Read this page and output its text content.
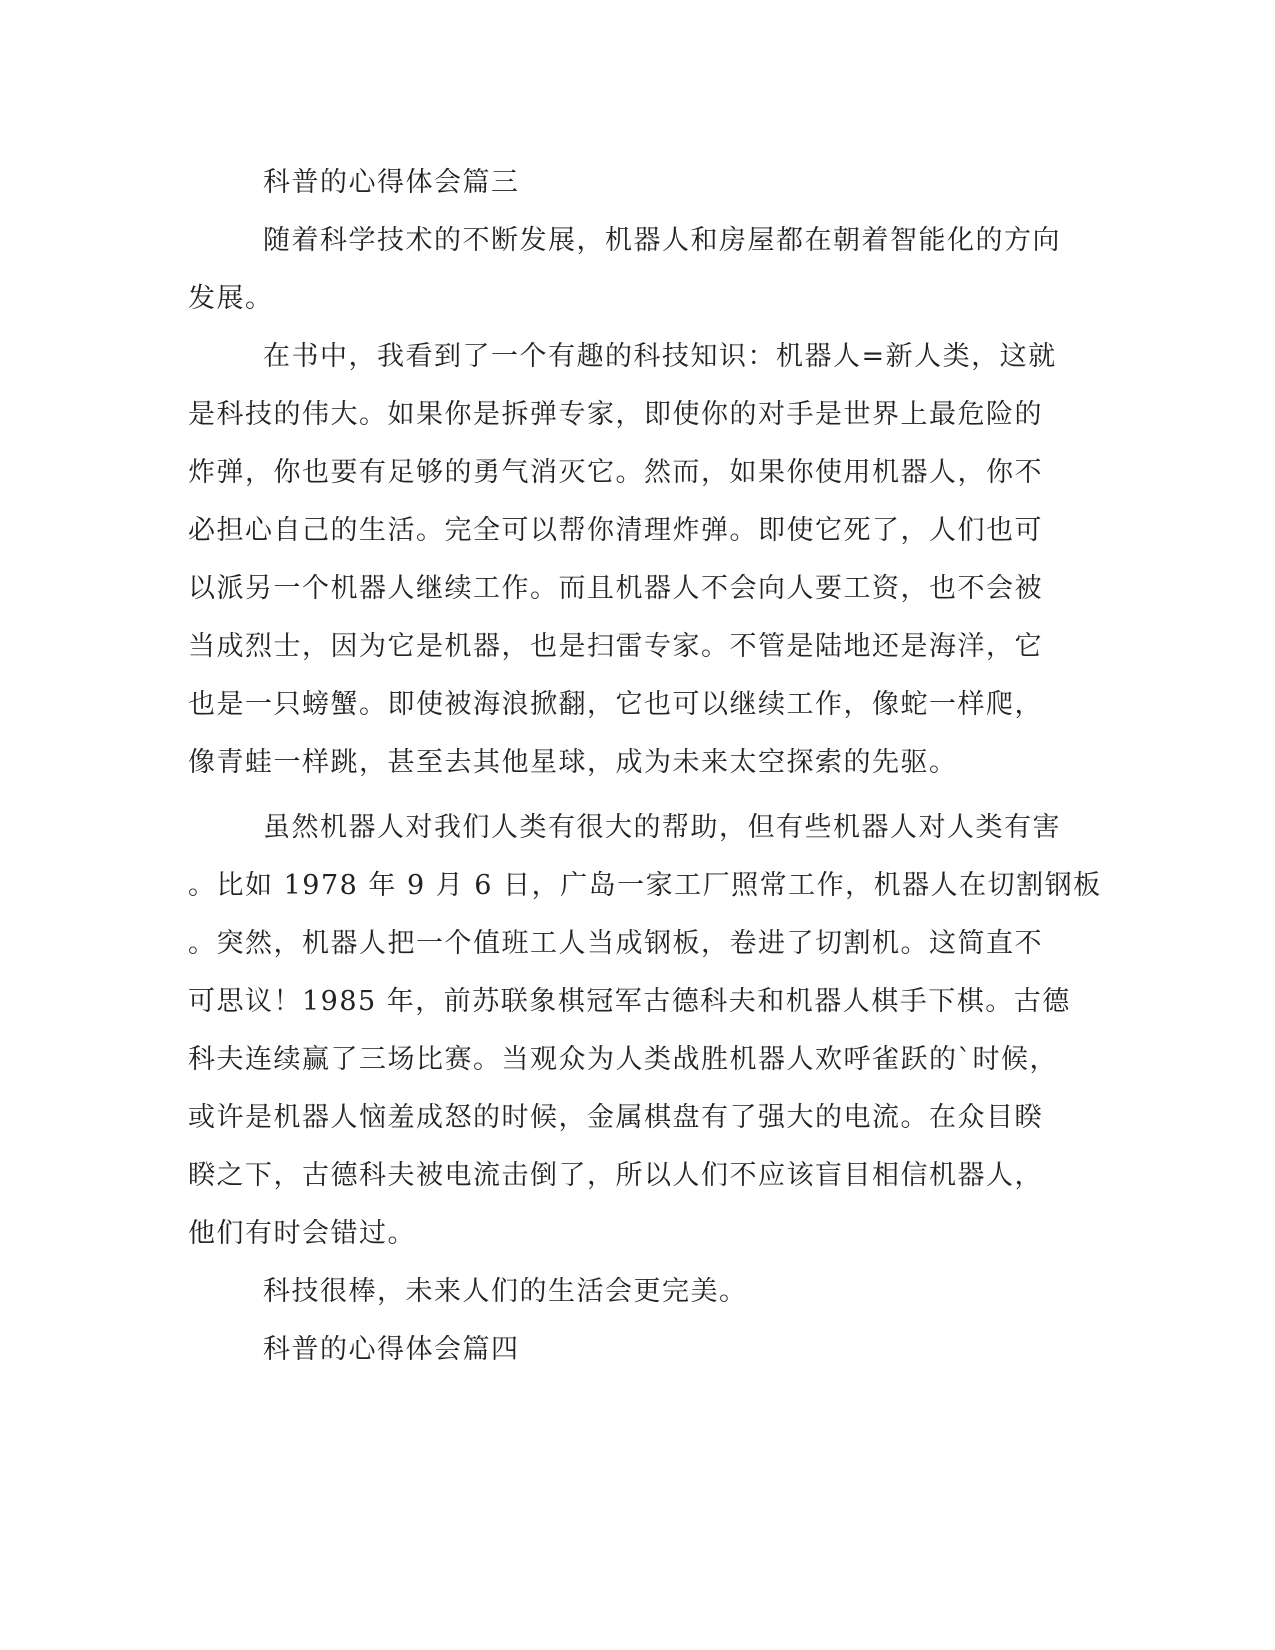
科普的心得体会篇三
随着科学技术的不断发展，机器人和房屋都在朝着智能化的方向
发展。
在书中，我看到了一个有趣的科技知识：机器人=新人类，这就
是科技的伟大。如果你是拆弹专家，即使你的对手是世界上最危险的
炸弹，你也要有足够的勇气消灭它。然而，如果你使用机器人，你不
必担心自己的生活。完全可以帮你清理炸弹。即使它死了，人们也可
以派另一个机器人继续工作。而且机器人不会向人要工资，也不会被
当成烈士，因为它是机器，也是扫雷专家。不管是陆地还是海洋，它
也是一只螃蟹。即使被海浪掀翻，它也可以继续工作，像蛇一样爬，
像青蛙一样跳，甚至去其他星球，成为未来太空探索的先驱。
虽然机器人对我们人类有很大的帮助，但有些机器人对人类有害
。比如 1978 年 9 月 6 日，广岛一家工厂照常工作，机器人在切割钢板
。突然，机器人把一个值班工人当成钢板，卷进了切割机。这简直不
可思议！1985 年，前苏联象棋冠军古德科夫和机器人棋手下棋。古德
科夫连续赢了三场比赛。当观众为人类战胜机器人欢呼雀跃的`时候，
或许是机器人恼羞成怒的时候，金属棋盘有了强大的电流。在众目睽
睽之下，古德科夫被电流击倒了，所以人们不应该盲目相信机器人，
他们有时会错过。
科技很棒，未来人们的生活会更完美。
科普的心得体会篇四
